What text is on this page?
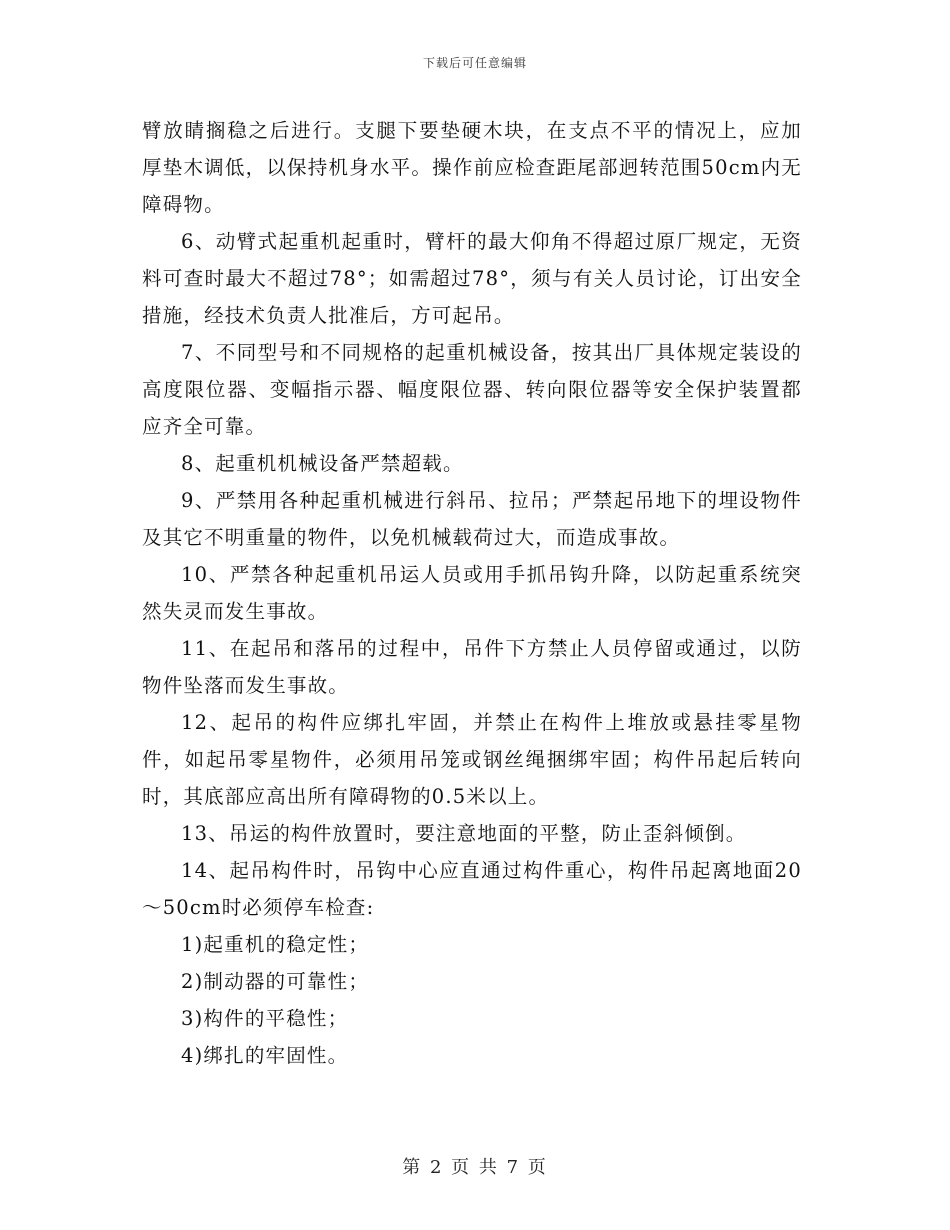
下载后可任意编辑

臂放睛搁稳之后进行。支腿下要垫硬木块，在支点不平的情况上，应加厚垫木调低，以保持机身水平。操作前应检查距尾部迥转范围50cm内无障碍物。

6、动臂式起重机起重时，臂杆的最大仰角不得超过原厂规定，无资料可查时最大不超过78°；如需超过78°，须与有关人员讨论，订出安全措施，经技术负责人批准后，方可起吊。

7、不同型号和不同规格的起重机械设备，按其出厂具体规定装设的高度限位器、变幅指示器、幅度限位器、转向限位器等安全保护装置都应齐全可靠。

8、起重机机械设备严禁超载。

9、严禁用各种起重机械进行斜吊、拉吊；严禁起吊地下的埋设物件及其它不明重量的物件，以免机械载荷过大，而造成事故。

10、严禁各种起重机吊运人员或用手抓吊钩升降，以防起重系统突然失灵而发生事故。

11、在起吊和落吊的过程中，吊件下方禁止人员停留或通过，以防物件坠落而发生事故。

12、起吊的构件应绑扎牢固，并禁止在构件上堆放或悬挂零星物件，如起吊零星物件，必须用吊笼或钢丝绳捆绑牢固；构件吊起后转向时，其底部应高出所有障碍物的0.5米以上。

13、吊运的构件放置时，要注意地面的平整，防止歪斜倾倒。

14、起吊构件时，吊钩中心应直通过构件重心，构件吊起离地面20～50cm时必须停车检查:

1)起重机的稳定性；

2)制动器的可靠性；

3)构件的平稳性；

4)绑扎的牢固性。

第 2 页 共 7 页
